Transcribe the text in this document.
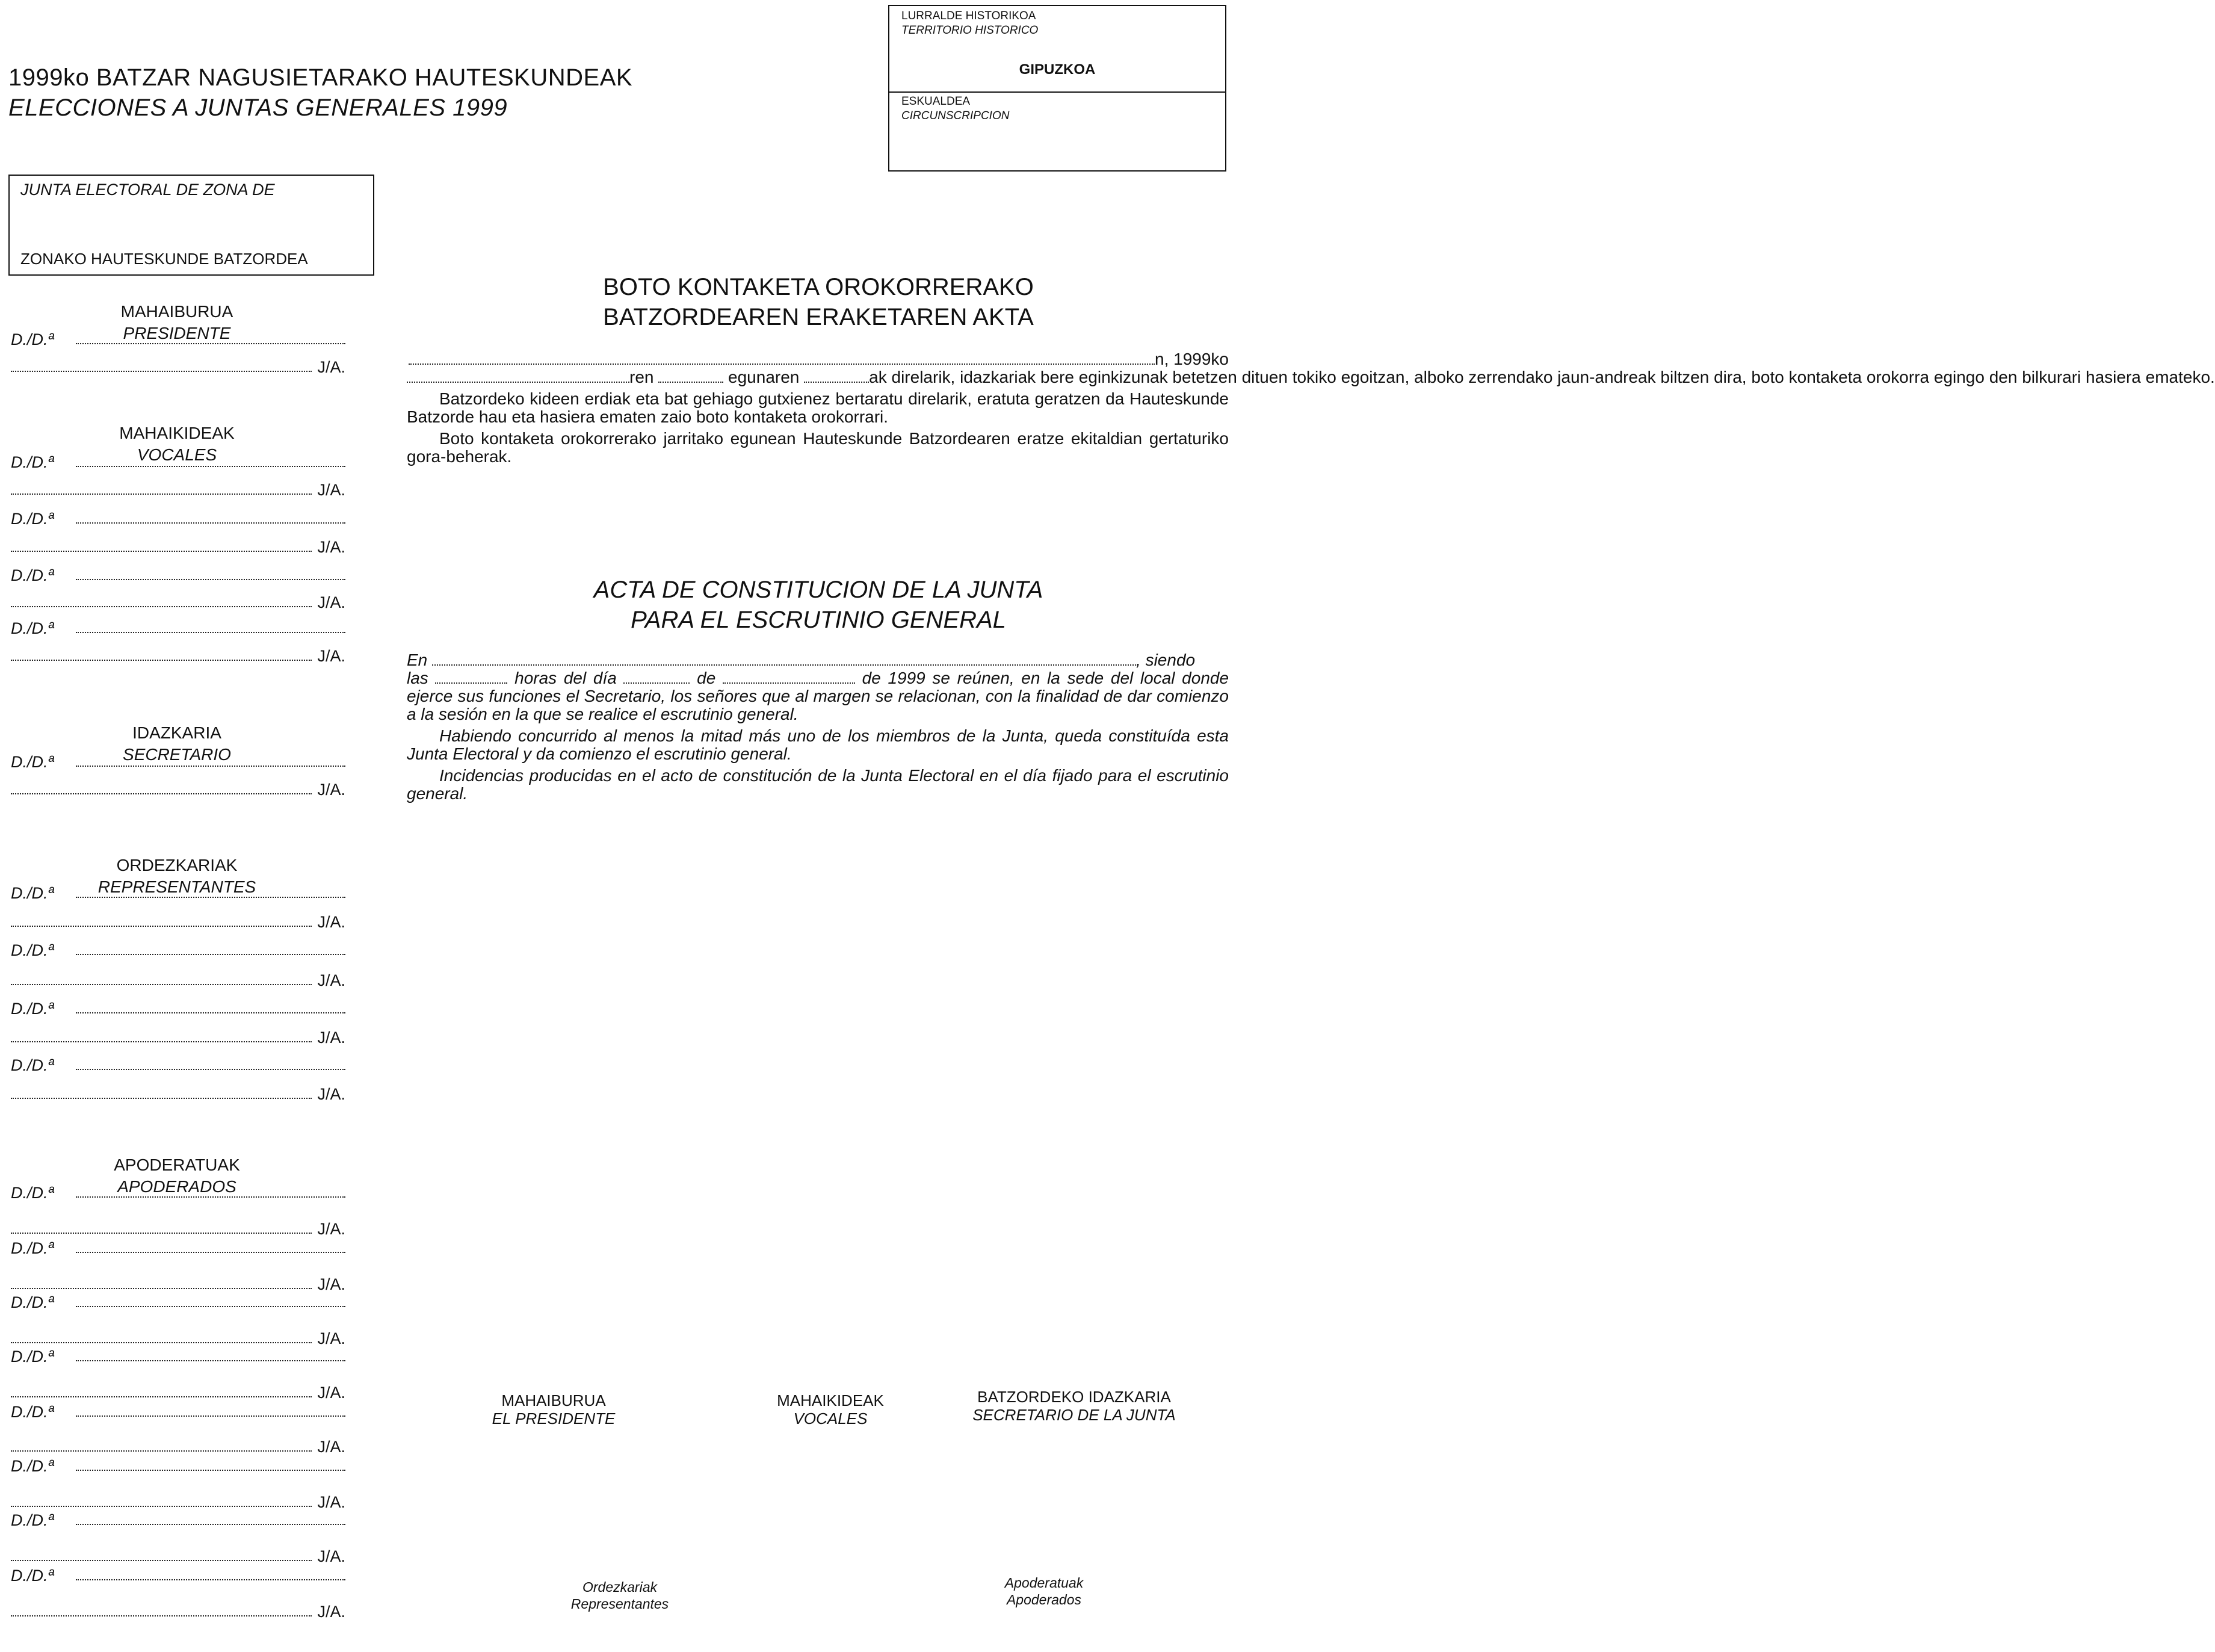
1999ko BATZAR NAGUSIETARAKO HAUTESKUNDEAK
ELECCIONES A JUNTAS GENERALES 1999
LURRALDE HISTORIKOA
TERRITORIO HISTORICO
GIPUZKOA
ESKUALDEA
CIRCUNSCRIPCION
JUNTA ELECTORAL DE ZONA DE
ZONAKO HAUTESKUNDE BATZORDEA
MAHAIBURUA
PRESIDENTE
D./D.ª
J/A.
MAHAIKIDEAK
VOCALES
D./D.ª
J/A.
D./D.ª
J/A.
D./D.ª
J/A.
D./D.ª
J/A.
IDAZKARIA
SECRETARIO
D./D.ª
J/A.
ORDEZKARIAK
REPRESENTANTES
D./D.ª
J/A.
D./D.ª
J/A.
D./D.ª
J/A.
D./D.ª
J/A.
APODERATUAK
APODERADOS
D./D.ª
J/A.
D./D.ª
J/A.
D./D.ª
J/A.
D./D.ª
J/A.
D./D.ª
J/A.
D./D.ª
J/A.
D./D.ª
J/A.
D./D.ª
J/A.
BOTO KONTAKETA OROKORRERAKO
BATZORDEAREN ERAKETAREN AKTA
n, 1999ko
ren	egunaren	ak direlarik, idazkariak bere eginkizunak betetzen dituen tokiko egoitzan, alboko zerrendako jaun-andreak biltzen dira, boto kontaketa orokorra egingo den bilkurari hasiera emateko.

Batzordeko kideen erdiak eta bat gehiago gutxienez bertaratu direlarik, eratuta geratzen da Hauteskunde Batzorde hau eta hasiera ematen zaio boto kontaketa orokorrari.

Boto kontaketa orokorrerako jarritako egunean Hauteskunde Batzordearen eratze ekitaldian gertaturiko gora-beherak.

ACTA DE CONSTITUCION DE LA JUNTA
PARA EL ESCRUTINIO GENERAL
En	, siendo
las	horas del día	de	de 1999 se reúnen, en la sede del local donde ejerce sus funciones el Secretario, los señores que al margen se relacionan, con la finalidad de dar comienzo a la sesión en la que se realice el escrutinio general.

Habiendo concurrido al menos la mitad más uno de los miembros de la Junta, queda constituída esta Junta Electoral y da comienzo el escrutinio general.

Incidencias producidas en el acto de constitución de la Junta Electoral en el día fijado para el escrutinio general.

MAHAIBURUA
EL PRESIDENTE
MAHAIKIDEAK
VOCALES
BATZORDEKO IDAZKARIA
SECRETARIO DE LA JUNTA
Ordezkariak
Representantes
Apoderatuak
Apoderados
